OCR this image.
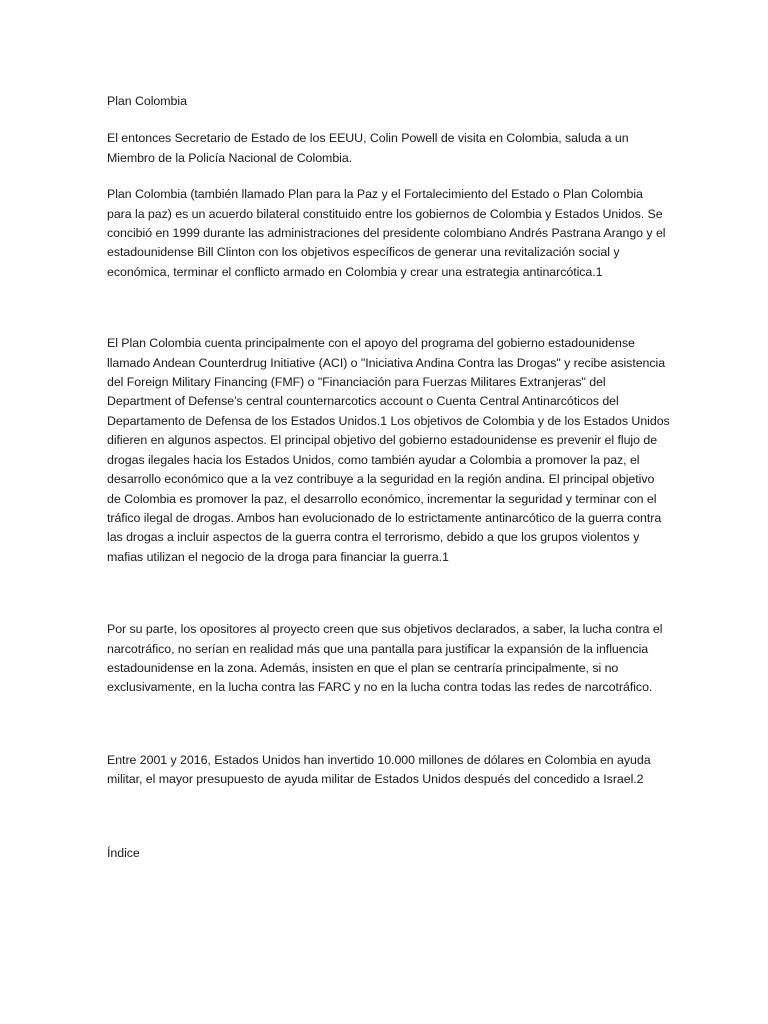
Plan Colombia

El entonces Secretario de Estado de los EEUU, Colin Powell de visita en Colombia, saluda a un Miembro de la Policía Nacional de Colombia.

Plan Colombia (también llamado Plan para la Paz y el Fortalecimiento del Estado o Plan Colombia para la paz) es un acuerdo bilateral constituido entre los gobiernos de Colombia y Estados Unidos. Se concibió en 1999 durante las administraciones del presidente colombiano Andrés Pastrana Arango y el estadounidense Bill Clinton con los objetivos específicos de generar una revitalización social y económica, terminar el conflicto armado en Colombia y crear una estrategia antinarcótica.1

El Plan Colombia cuenta principalmente con el apoyo del programa del gobierno estadounidense llamado Andean Counterdrug Initiative (ACI) o "Iniciativa Andina Contra las Drogas" y recibe asistencia del Foreign Military Financing (FMF) o "Financiación para Fuerzas Militares Extranjeras" del Department of Defense’s central counternarcotics account o Cuenta Central Antinarcóticos del Departamento de Defensa de los Estados Unidos.1 Los objetivos de Colombia y de los Estados Unidos difieren en algunos aspectos. El principal objetivo del gobierno estadounidense es prevenir el flujo de drogas ilegales hacia los Estados Unidos, como también ayudar a Colombia a promover la paz, el desarrollo económico que a la vez contribuye a la seguridad en la región andina. El principal objetivo de Colombia es promover la paz, el desarrollo económico, incrementar la seguridad y terminar con el tráfico ilegal de drogas. Ambos han evolucionado de lo estrictamente antinarcótico de la guerra contra las drogas a incluir aspectos de la guerra contra el terrorismo, debido a que los grupos violentos y mafias utilizan el negocio de la droga para financiar la guerra.1

Por su parte, los opositores al proyecto creen que sus objetivos declarados, a saber, la lucha contra el narcotráfico, no serían en realidad más que una pantalla para justificar la expansión de la influencia estadounidense en la zona. Además, insisten en que el plan se centraría principalmente, si no exclusivamente, en la lucha contra las FARC y no en la lucha contra todas las redes de narcotráfico.

Entre 2001 y 2016, Estados Unidos han invertido 10.000 millones de dólares en Colombia en ayuda militar, el mayor presupuesto de ayuda militar de Estados Unidos después del concedido a Israel.2

Índice
